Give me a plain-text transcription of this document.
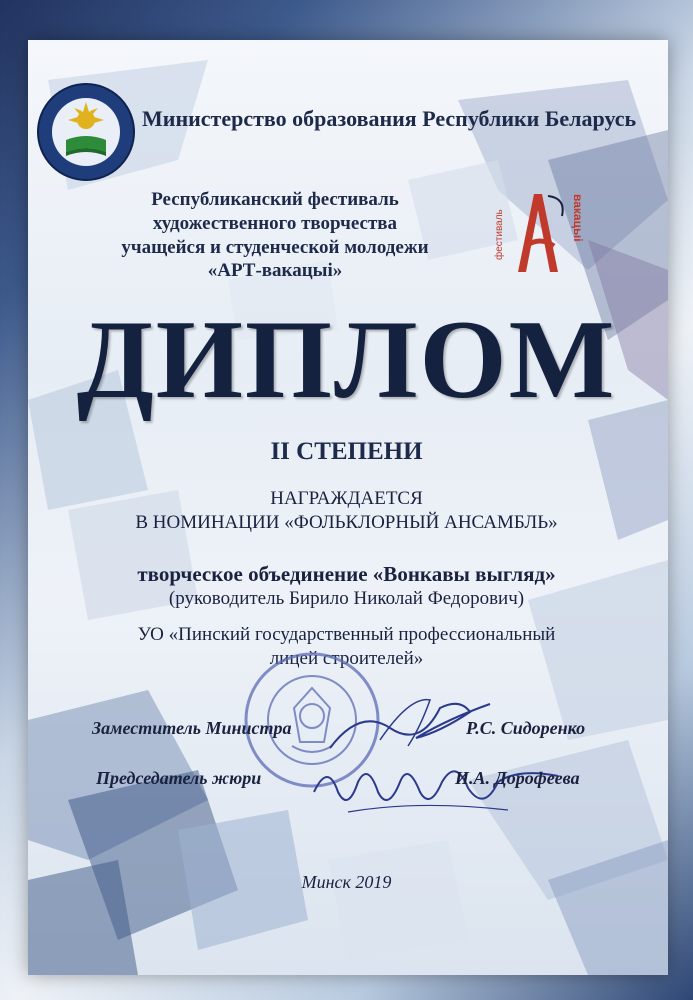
Министерство образования Республики Беларусь
Республиканский фестиваль
художественного творчества
учащейся и студенческой молодежи
«АРТ-вакацыі»
фестиваль	вакацыі
ДИПЛОМ
II СТЕПЕНИ
НАГРАЖДАЕТСЯ
В НОМИНАЦИИ «ФОЛЬКЛОРНЫЙ АНСАМБЛЬ»
творческое объединение «Вонкавы выгляд»
(руководитель Бирило Николай Федорович)
УО «Пинский государственный профессиональный
лицей строителей»
Заместитель Министра	Р.С. Сидоренко
Председатель жюри	И.А. Дорофеева
Минск 2019
